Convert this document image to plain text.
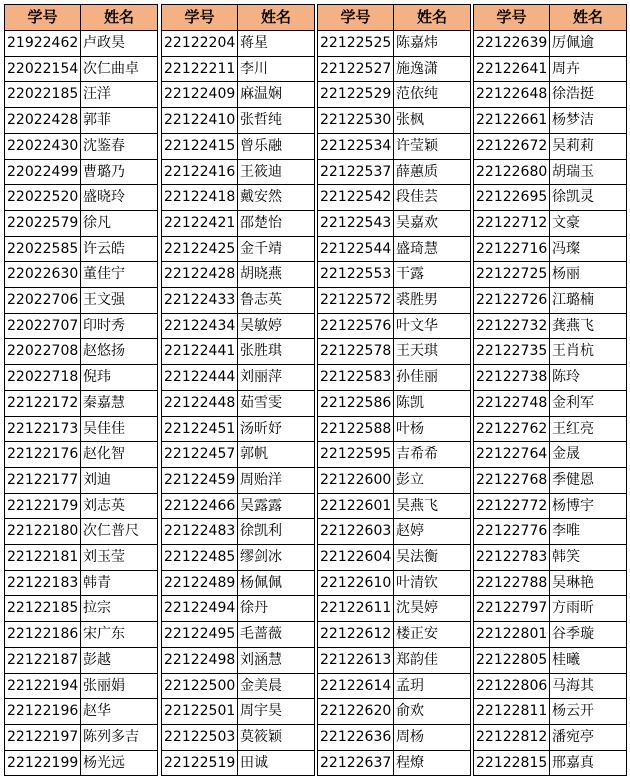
学号	姓名
21922462	卢政昊
22022154	次仁曲卓
22022185	汪洋
22022428	郭菲
22022430	沈鉴春
22022499	曹璐乃
22022520	盛晓玲
22022579	徐凡
22022585	许云皓
22022630	董佳宁
22022706	王文强
22022707	印时秀
22022708	赵悠扬
22022718	倪玮
22122172	秦嘉慧
22122173	吴佳佳
22122176	赵化智
22122177	刘迪
22122179	刘志英
22122180	次仁普尺
22122181	刘玉莹
22122183	韩青
22122185	拉宗
22122186	宋广东
22122187	彭越
22122194	张丽娟
22122196	赵华
22122197	陈列多吉
22122199	杨光远
学号	姓名
22122204	蒋星
22122211	李川
22122409	麻温娴
22122410	张哲纯
22122415	曾乐融
22122416	王筱迪
22122418	戴安然
22122421	邵楚怡
22122425	金千靖
22122428	胡晓燕
22122433	鲁志英
22122434	吴敏婷
22122441	张胜琪
22122444	刘丽萍
22122448	茹雪雯
22122451	汤昕妤
22122457	郭帆
22122459	周贻洋
22122466	吴露露
22122483	徐凯利
22122485	缪剑冰
22122489	杨佩佩
22122494	徐丹
22122495	毛蔷薇
22122498	刘涵慧
22122500	金美晨
22122501	周宇昊
22122503	莫筱颖
22122519	田诚
学号	姓名
22122525	陈嘉炜
22122527	施逸潇
22122529	范依纯
22122530	张枫
22122534	许莹颖
22122537	薛蕙质
22122542	段佳芸
22122543	吴嘉欢
22122544	盛琦慧
22122553	干露
22122572	裘胜男
22122576	叶文华
22122578	王天琪
22122583	孙佳丽
22122586	陈凯
22122588	叶杨
22122595	吉希希
22122600	彭立
22122601	吴燕飞
22122603	赵婷
22122604	吴法衡
22122610	叶清钦
22122611	沈昊婷
22122612	楼正安
22122613	郑韵佳
22122614	孟玥
22122620	俞欢
22122636	周杨
22122637	程燎
学号	姓名
22122639	厉佩逾
22122641	周卉
22122648	徐浩挺
22122661	杨梦洁
22122672	吴莉莉
22122680	胡瑞玉
22122695	徐凯灵
22122712	文豪
22122716	冯璨
22122725	杨丽
22122726	江璐楠
22122732	龚燕飞
22122735	王肖杭
22122738	陈玲
22122748	金利军
22122762	王红亮
22122764	金晟
22122768	季健恩
22122772	杨博宇
22122776	李唯
22122783	韩笑
22122788	吴琳艳
22122797	方雨昕
22122801	谷季璇
22122805	桂曦
22122806	马海其
22122811	杨云开
22122812	潘宛亭
22122815	邢嘉真
